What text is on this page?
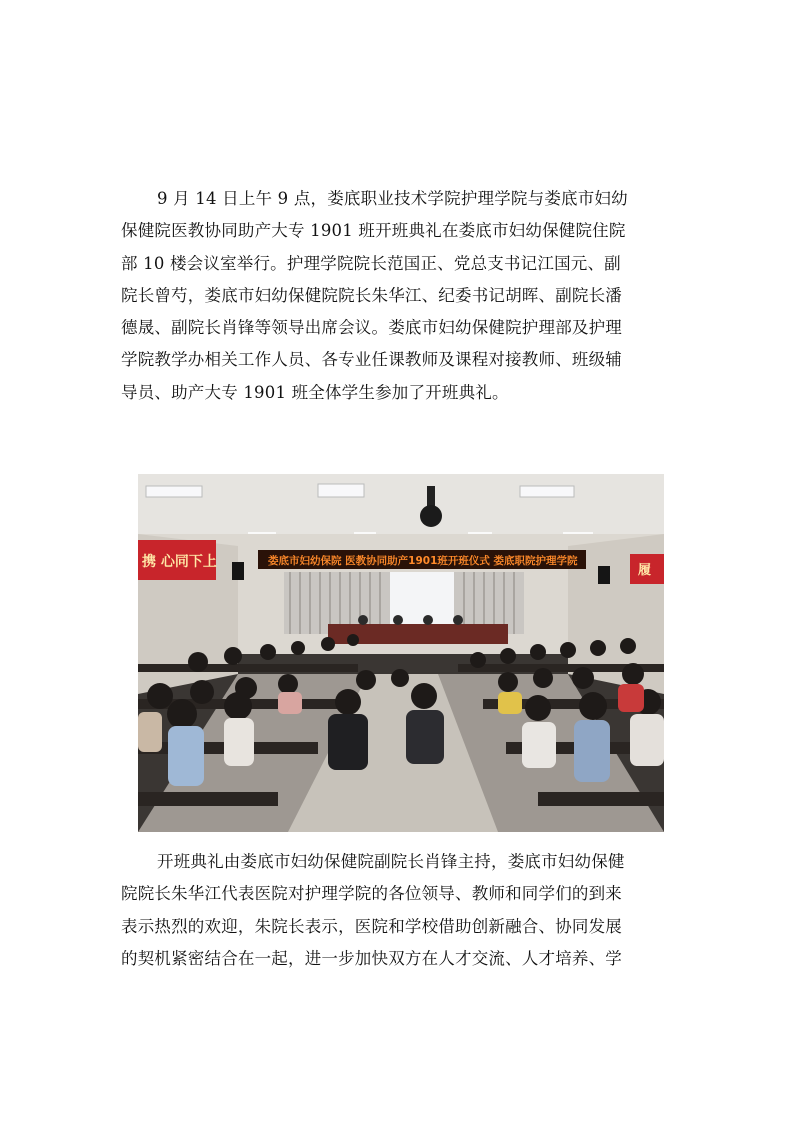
9 月 14 日上午 9 点，娄底职业技术学院护理学院与娄底市妇幼
保健院医教协同助产大专 1901 班开班典礼在娄底市妇幼保健院住院
部 10 楼会议室举行。护理学院院长范国正、党总支书记江国元、副
院长曾芍，娄底市妇幼保健院院长朱华江、纪委书记胡晖、副院长潘
德晟、副院长肖锋等领导出席会议。娄底市妇幼保健院护理部及护理
学院教学办相关工作人员、各专业任课教师及课程对接教师、班级辅
导员、助产大专 1901 班全体学生参加了开班典礼。
携 心同下上
履
娄底市妇幼保院 医教协同助产1901班开班仪式 娄底职院护理学院
开班典礼由娄底市妇幼保健院副院长肖锋主持，娄底市妇幼保健
院院长朱华江代表医院对护理学院的各位领导、教师和同学们的到来
表示热烈的欢迎，朱院长表示，医院和学校借助创新融合、协同发展
的契机紧密结合在一起，进一步加快双方在人才交流、人才培养、学
